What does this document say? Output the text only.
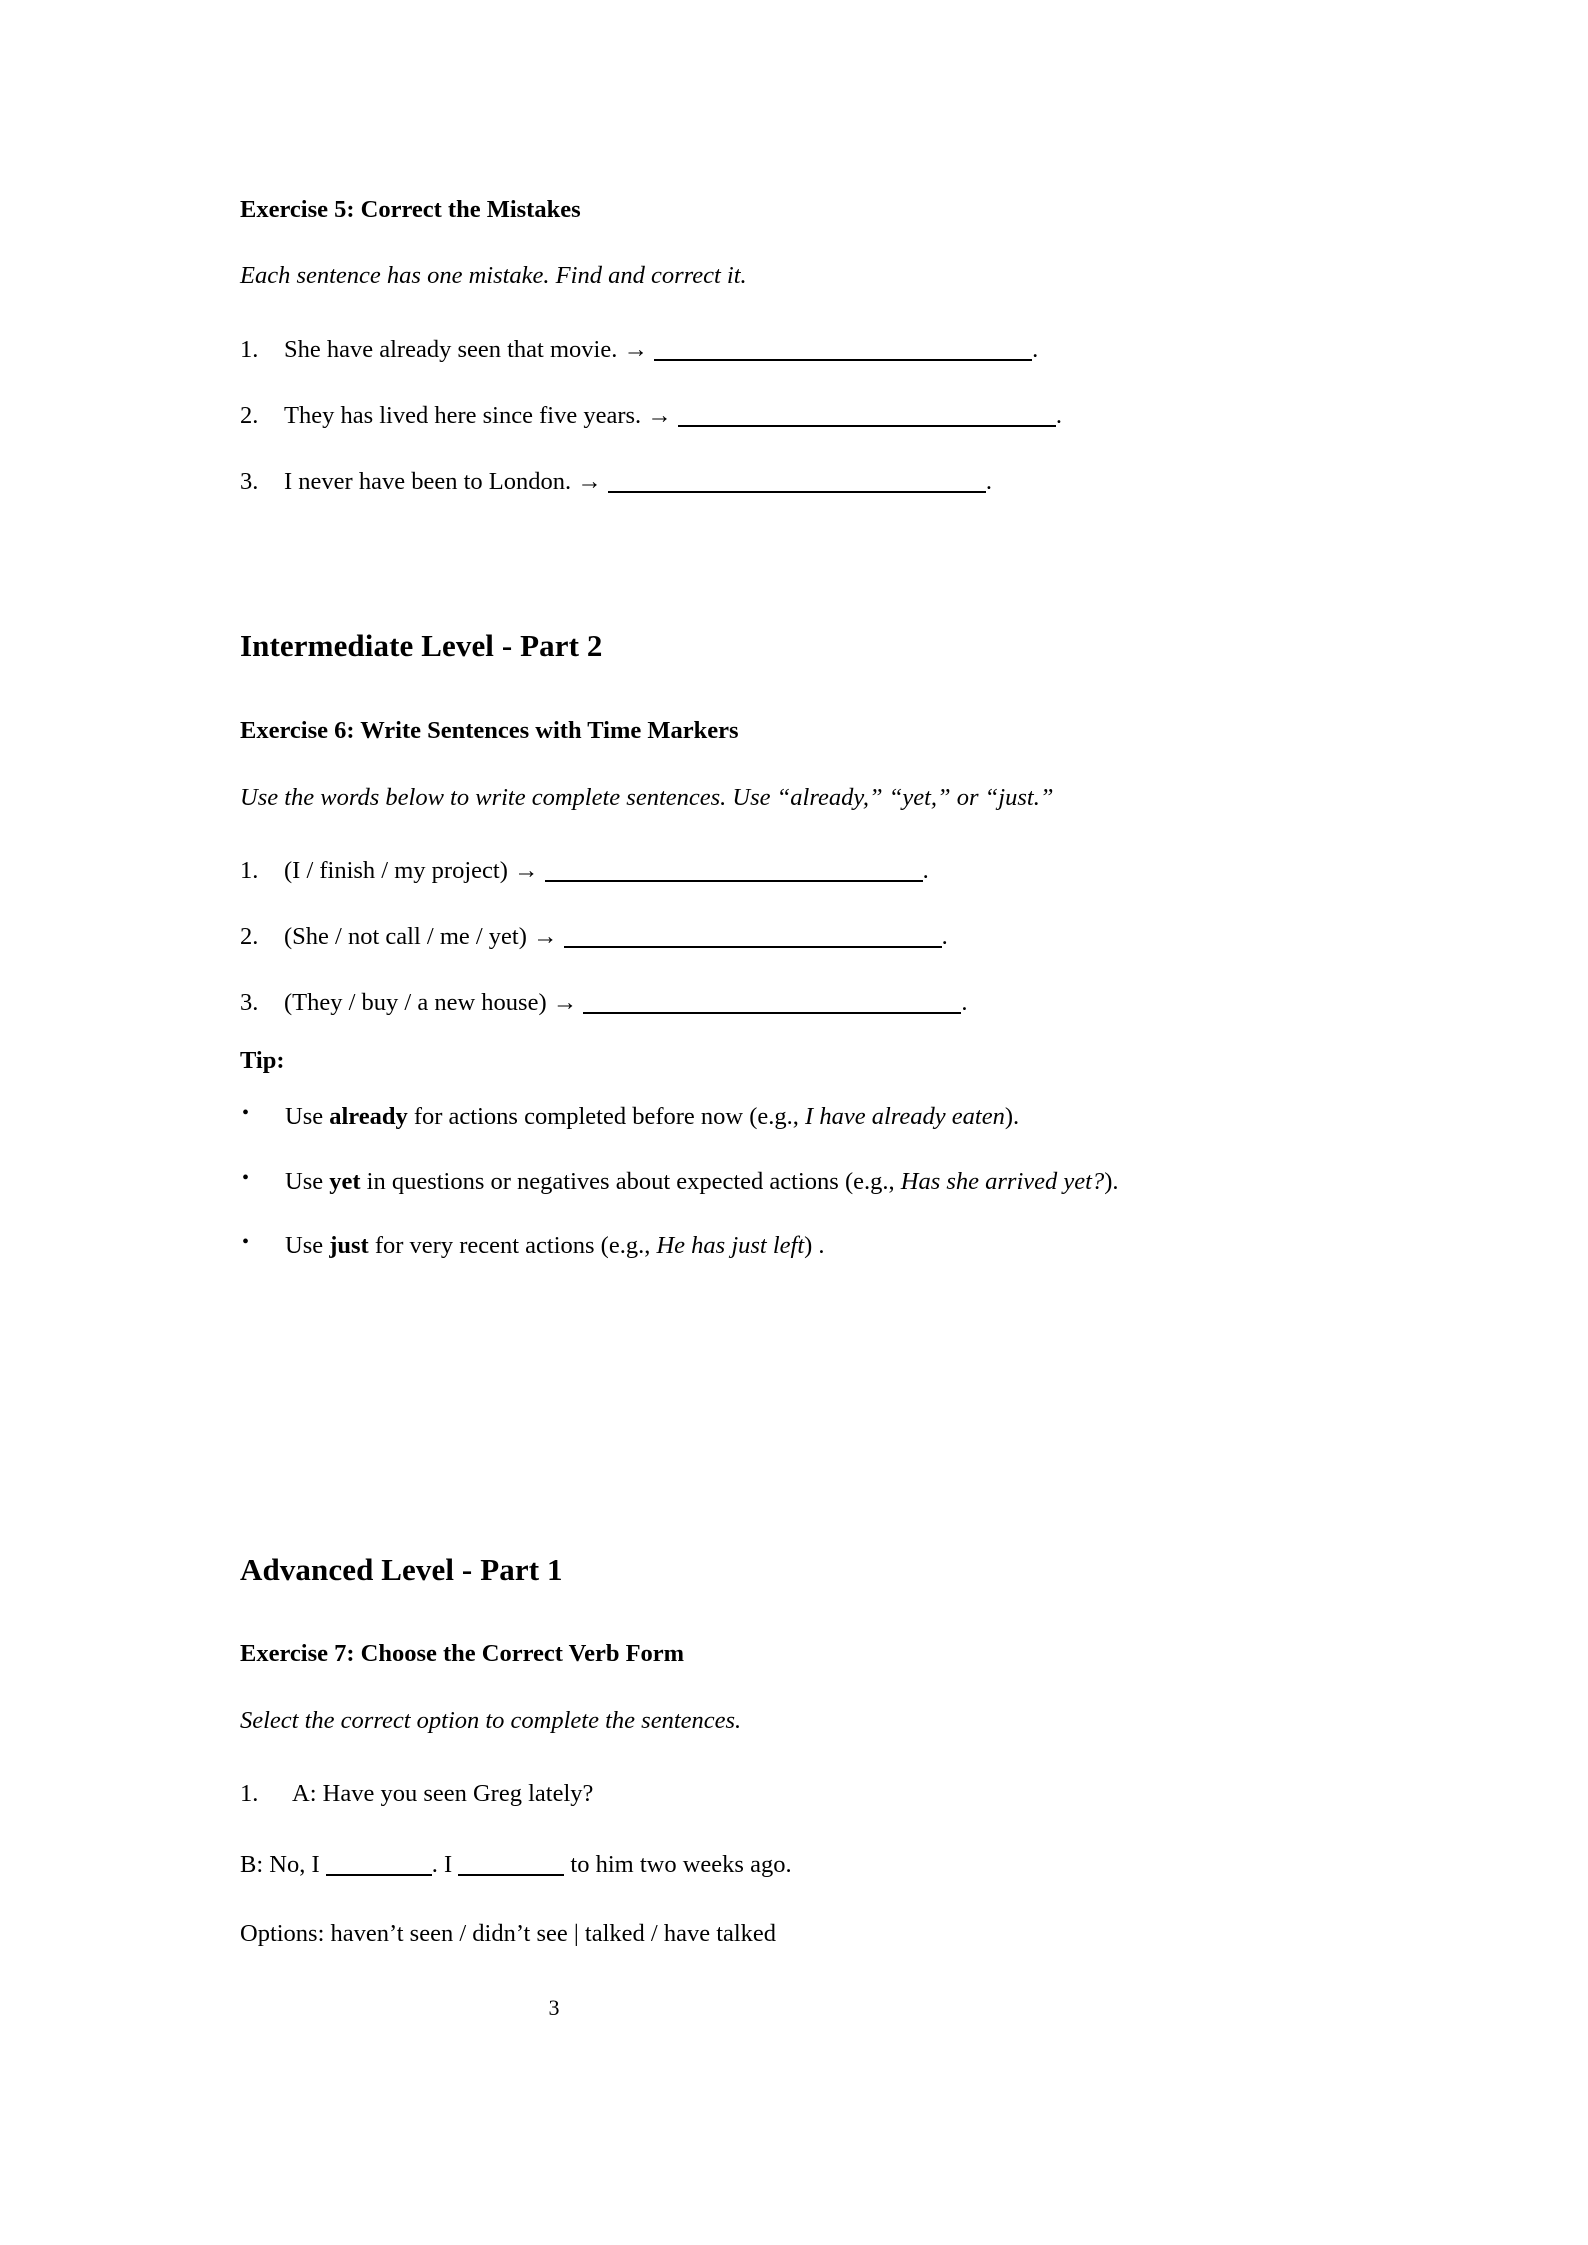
Exercise 5: Correct the Mistakes
Each sentence has one mistake. Find and correct it.
1.	She have already seen that movie. →	.
2.	They has lived here since five years. →	.
3.	I never have been to London. →	.
Intermediate Level - Part 2
Exercise 6: Write Sentences with Time Markers
Use the words below to write complete sentences. Use “already,” “yet,” or “just.”
1.	(I / finish / my project) →	.
2.	(She / not call / me / yet) →	.
3.	(They / buy / a new house) →	.
Tip:
• Use already for actions completed before now (e.g., I have already eaten).
• Use yet in questions or negatives about expected actions (e.g., Has she arrived yet?).
• Use just for very recent actions (e.g., He has just left) .
Advanced Level - Part 1
Exercise 7: Choose the Correct Verb Form
Select the correct option to complete the sentences.
1.	A: Have you seen Greg lately?
B: No, I	. I	to him two weeks ago.
Options: haven’t seen / didn’t see | talked / have talked
3
